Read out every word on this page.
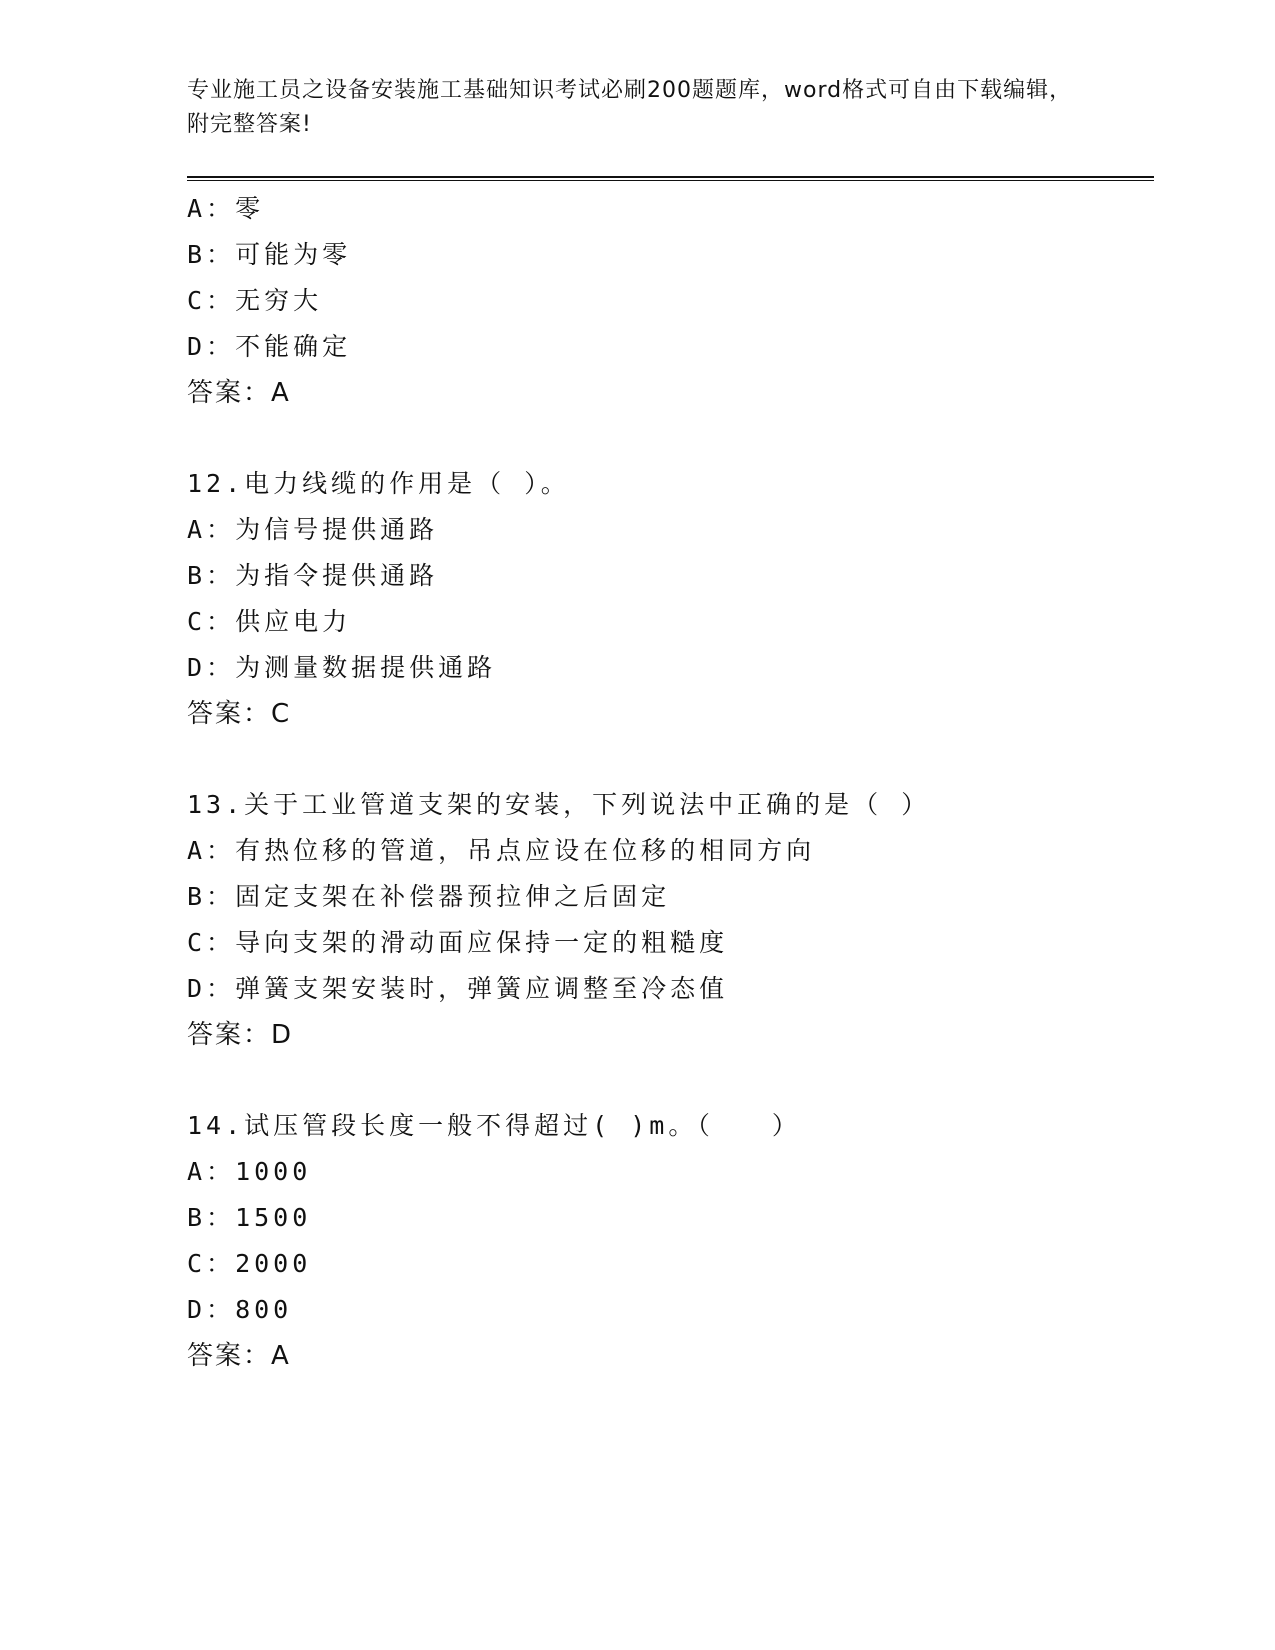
专业施工员之设备安装施工基础知识考试必刷200题题库，word格式可自由下载编辑，附完整答案!
A：零
B：可能为零
C：无穷大
D：不能确定
答案：A
12.电力线缆的作用是（ ）。
A：为信号提供通路
B：为指令提供通路
C：供应电力
D：为测量数据提供通路
答案：C
13.关于工业管道支架的安装，下列说法中正确的是（ ）
A：有热位移的管道，吊点应设在位移的相同方向
B：固定支架在补偿器预拉伸之后固定
C：导向支架的滑动面应保持一定的粗糙度
D：弹簧支架安装时，弹簧应调整至冷态值
答案：D
14.试压管段长度一般不得超过( )m。（　　）
A：1000
B：1500
C：2000
D：800
答案：A
